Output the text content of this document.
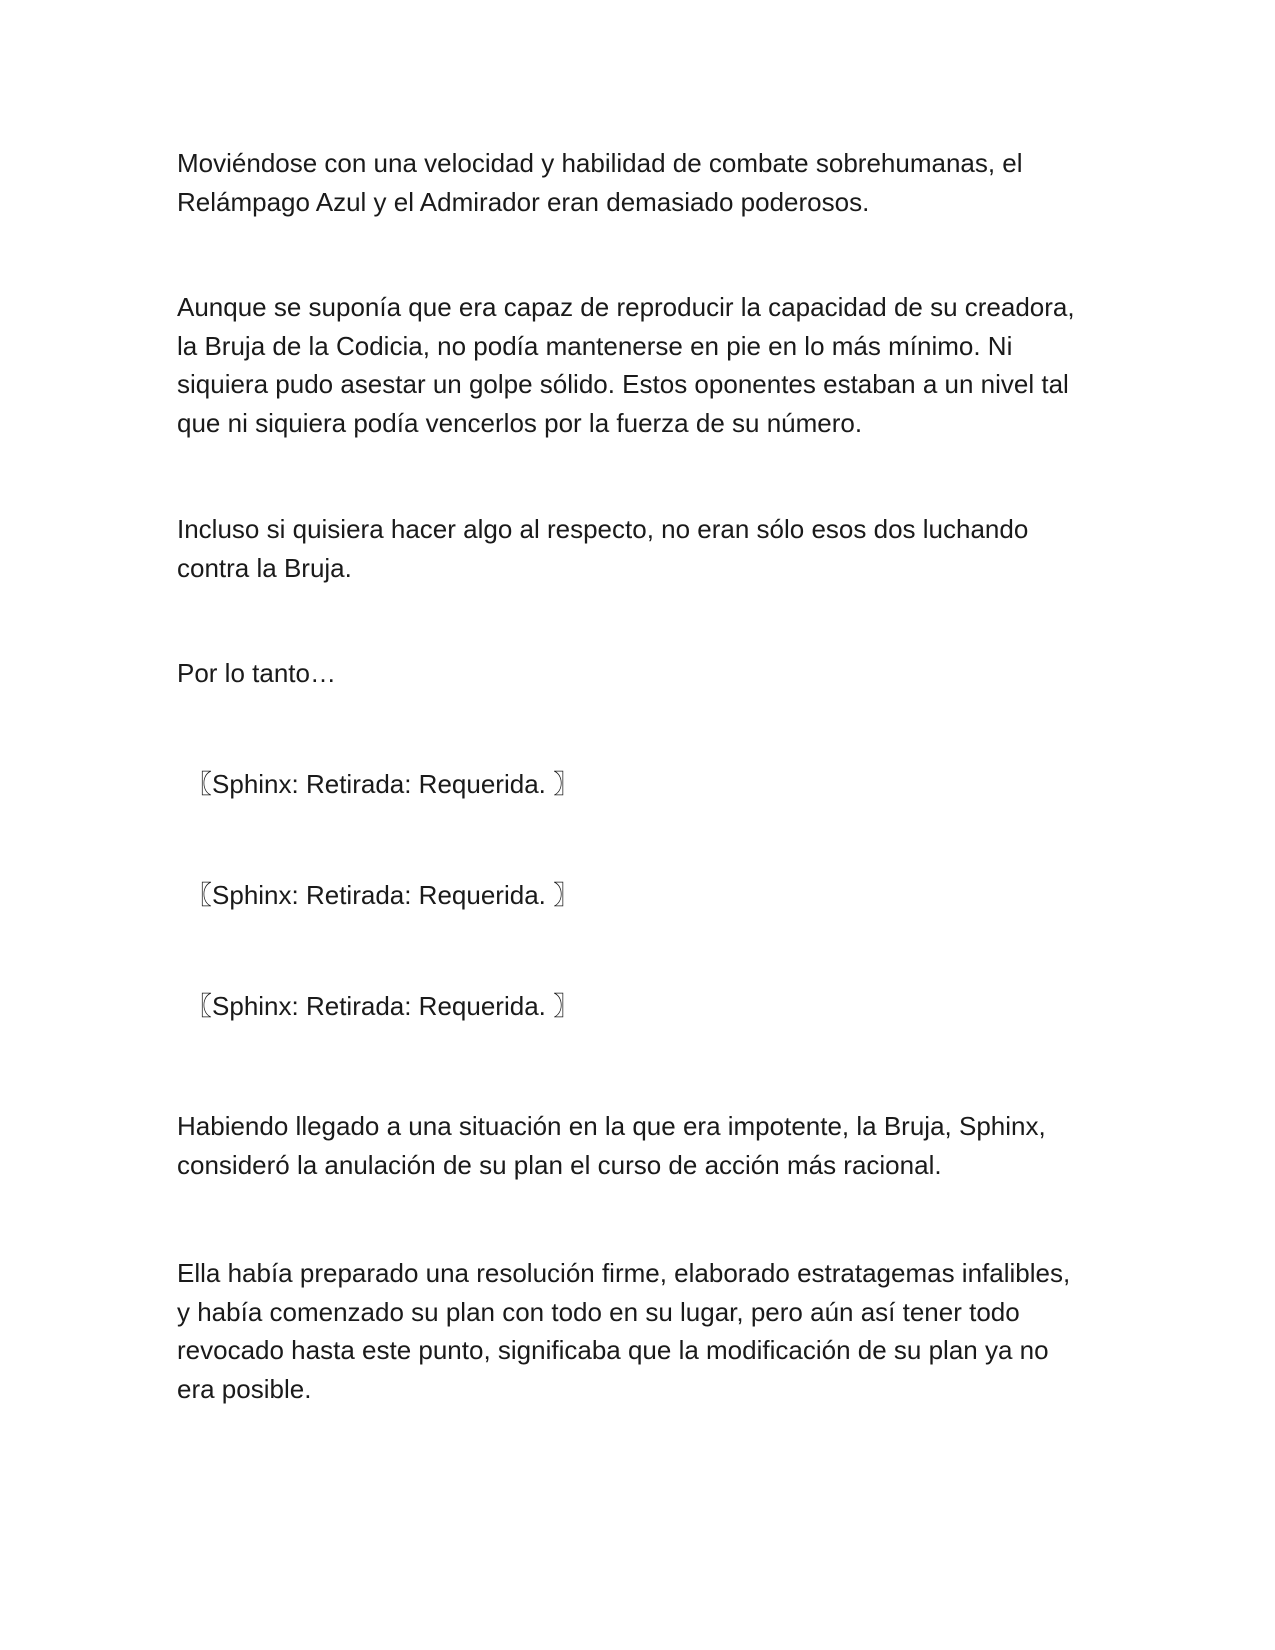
Moviéndose con una velocidad y habilidad de combate sobrehumanas, el
Relámpago Azul y el Admirador eran demasiado poderosos.

Aunque se suponía que era capaz de reproducir la capacidad de su creadora,
la Bruja de la Codicia, no podía mantenerse en pie en lo más mínimo. Ni
siquiera pudo asestar un golpe sólido. Estos oponentes estaban a un nivel tal
que ni siquiera podía vencerlos por la fuerza de su número.

Incluso si quisiera hacer algo al respecto, no eran sólo esos dos luchando
contra la Bruja.

Por lo tanto…

〖Sphinx: Retirada: Requerida. 〗

〖Sphinx: Retirada: Requerida. 〗

〖Sphinx: Retirada: Requerida. 〗

Habiendo llegado a una situación en la que era impotente, la Bruja, Sphinx,
consideró la anulación de su plan el curso de acción más racional.

Ella había preparado una resolución firme, elaborado estratagemas infalibles,
y había comenzado su plan con todo en su lugar, pero aún así tener todo
revocado hasta este punto, significaba que la modificación de su plan ya no
era posible.
